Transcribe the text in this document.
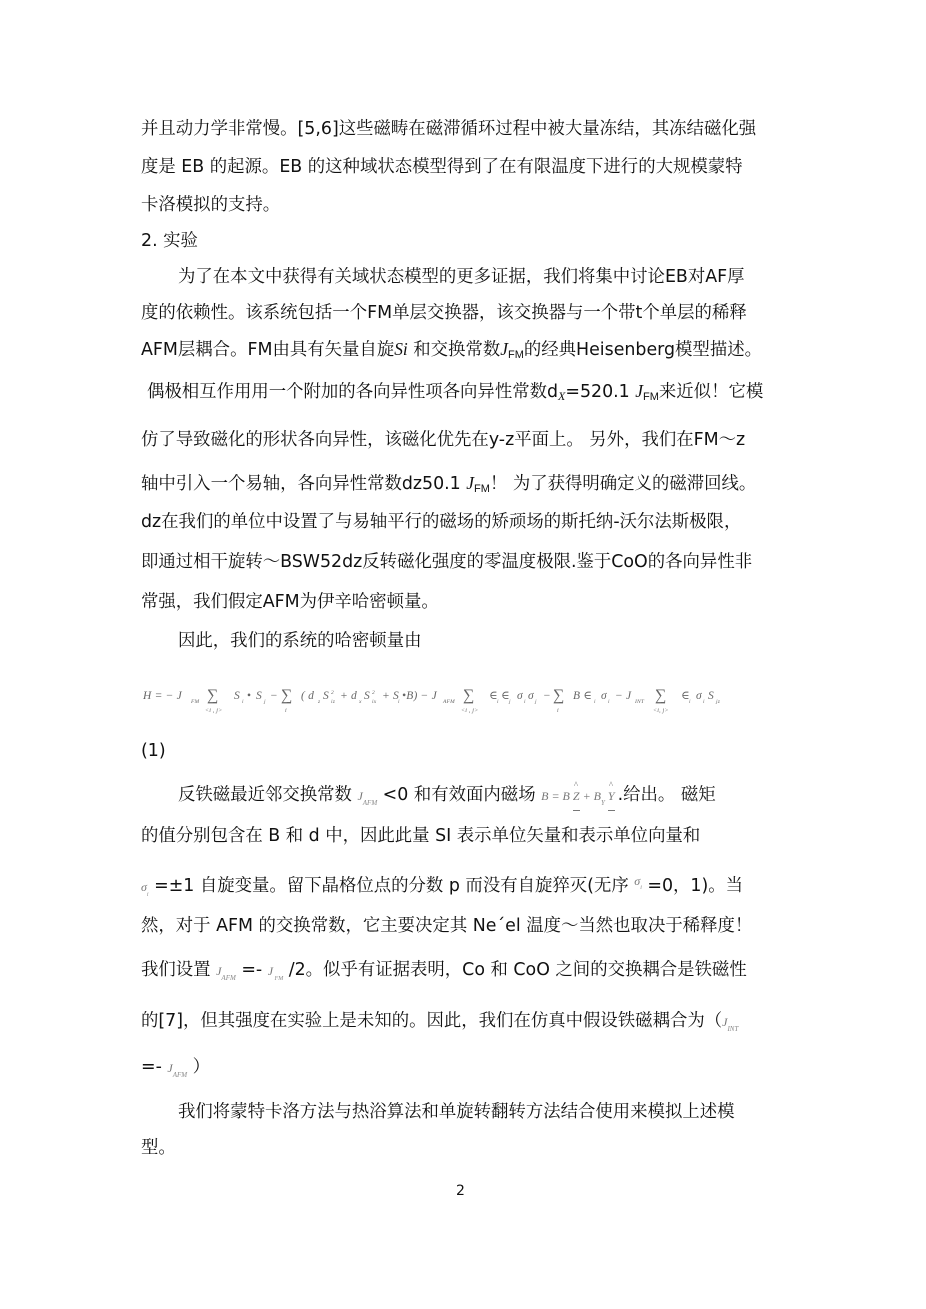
并且动力学非常慢。[5,6]这些磁畴在磁滞循环过程中被大量冻结，其冻结磁化强
度是 EB 的起源。EB 的这种域状态模型得到了在有限温度下进行的大规模蒙特
卡洛模拟的支持。
2. 实验
为了在本文中获得有关域状态模型的更多证据，我们将集中讨论EB对AF厚
度的依赖性。该系统包括一个FM单层交换器，该交换器与一个带t个单层的稀释
AFM层耦合。FM由具有矢量自旋Si 和交换常数$J_{FM}$的经典Heisenberg模型描述。
偶极相互作用用一个附加的各向异性项各向异性常数$d_X=520.1$ $J_{FM}$来近似！它模
仿了导致磁化的形状各向异性，该磁化优先在y-z平面上。 另外，我们在FM～z
轴中引入一个易轴，各向异性常数dz50.1 $J_{FM}$！ 为了获得明确定义的磁滞回线。
dz在我们的单位中设置了与易轴平行的磁场的矫顽场的斯托纳-沃尔法斯极限，
即通过相干旋转～BSW52dz反转磁化强度的零温度极限.鉴于CoO的各向异性非
常强，我们假定AFM为伊辛哈密顿量。
因此，我们的系统的哈密顿量由
H = − J FM ∑
<i , j>
S i • S j − ∑
i
( d z S 2
iz + d x S 2
ix + S i •B) − J AFM ∑
<i , j>
∈ i ∈ j σ i σ j − ∑
i
B ∈ i σ i − J INT ∑
<i, j>
∈ i σ i S jz
(1)
反铁磁最近邻交换常数 $J_{AFM} <0$ 和有效面内磁场 B = B ^ $Z + B_Y$ ^ Y .给出。 磁矩
的值分别包含在 B 和 d 中，因此此量 SI 表示单位矢量和表示单位向量和
$\sigma_i =\pm 1$ 自旋变量。留下晶格位点的分数 p 而没有自旋猝灭(无序 $^{\sigma i}$ =0，1)。当
然，对于 AFM 的交换常数，它主要决定其 Ne´el 温度～当然也取决于稀释度！
我们设置 $J_{AFM} =- J$ $_{FM}$ /2。似乎有证据表明，Co 和 CoO 之间的交换耦合是铁磁性
的[7]，但其强度在实验上是未知的。因此，我们在仿真中假设铁磁耦合为（$J_{INT}$
=- $J_{AFM}$ ）
我们将蒙特卡洛方法与热浴算法和单旋转翻转方法结合使用来模拟上述模
型。
2
